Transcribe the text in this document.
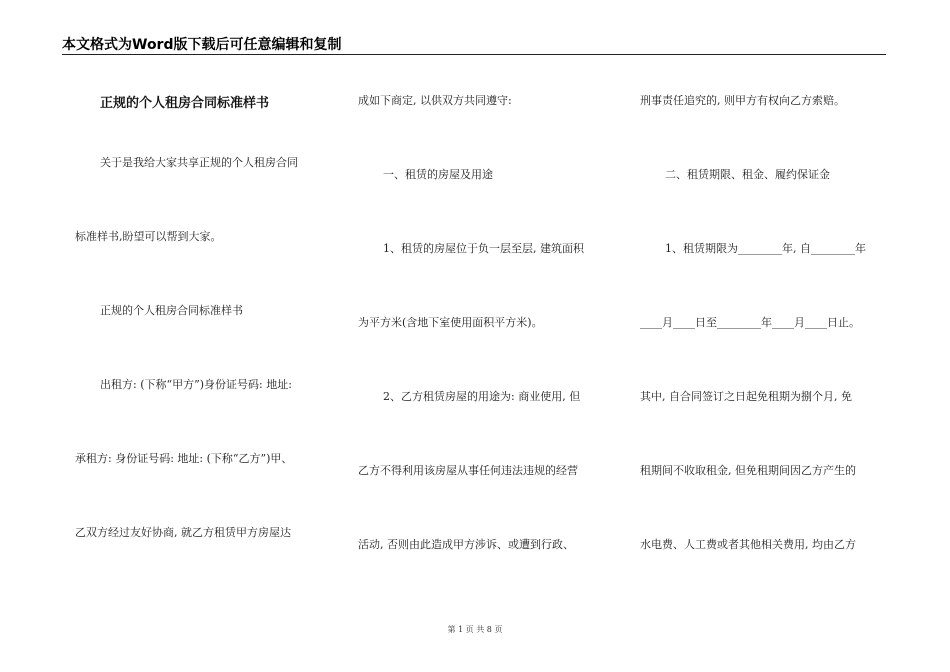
本文格式为Word版下载后可任意编辑和复制
正规的个人租房合同标准样书
关于是我给大家共享正规的个人租房合同
标准样书,盼望可以帮到大家。
正规的个人租房合同标准样书
出租方: (下称“甲方”)身份证号码: 地址:
承租方: 身份证号码: 地址: (下称“乙方”)甲、
乙双方经过友好协商, 就乙方租赁甲方房屋达
成如下商定, 以供双方共同遵守:
一、租赁的房屋及用途
1、租赁的房屋位于负一层至层, 建筑面积
为平方米(含地下室使用面积平方米)。
2、乙方租赁房屋的用途为: 商业使用, 但
乙方不得利用该房屋从事任何违法违规的经营
活动, 否则由此造成甲方涉诉、或遭到行政、
刑事责任追究的, 则甲方有权向乙方索赔。
二、租赁期限、租金、履约保证金
1、租赁期限为________年, 自________年
____月____日至________年____月____日止。
其中, 自合同签订之日起免租期为捌个月, 免
租期间不收取租金, 但免租期间因乙方产生的
水电费、人工费或者其他相关费用, 均由乙方
第 1 页 共 8 页
